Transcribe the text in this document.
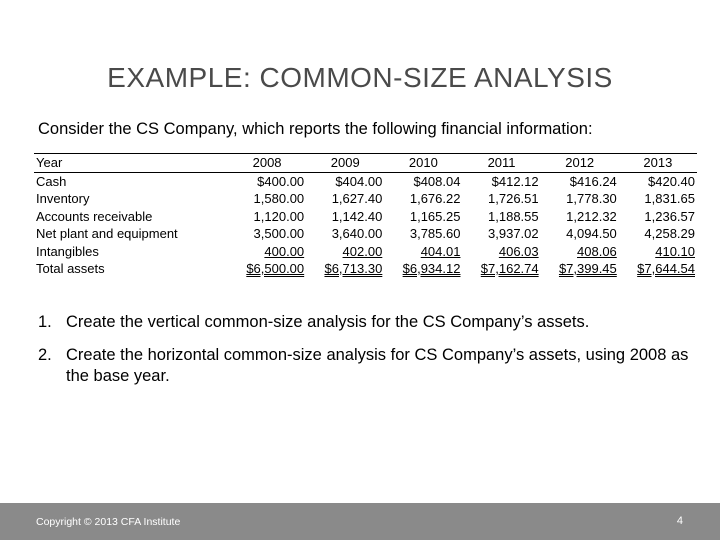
EXAMPLE: COMMON-SIZE ANALYSIS
Consider the CS Company, which reports the following financial information:
Year	2008	2009	2010	2011	2012	2013
Cash	$400.00	$404.00	$408.04	$412.12	$416.24	$420.40
Inventory	1,580.00	1,627.40	1,676.22	1,726.51	1,778.30	1,831.65
Accounts receivable	1,120.00	1,142.40	1,165.25	1,188.55	1,212.32	1,236.57
Net plant and equipment	3,500.00	3,640.00	3,785.60	3,937.02	4,094.50	4,258.29
Intangibles	400.00	402.00	404.01	406.03	408.06	410.10
Total assets	$6,500.00	$6,713.30	$6,934.12	$7,162.74	$7,399.45	$7,644.54
1. Create the vertical common-size analysis for the CS Company’s assets.
2. Create the horizontal common-size analysis for CS Company’s assets, using 2008 as the base year.
Copyright © 2013 CFA Institute	4
